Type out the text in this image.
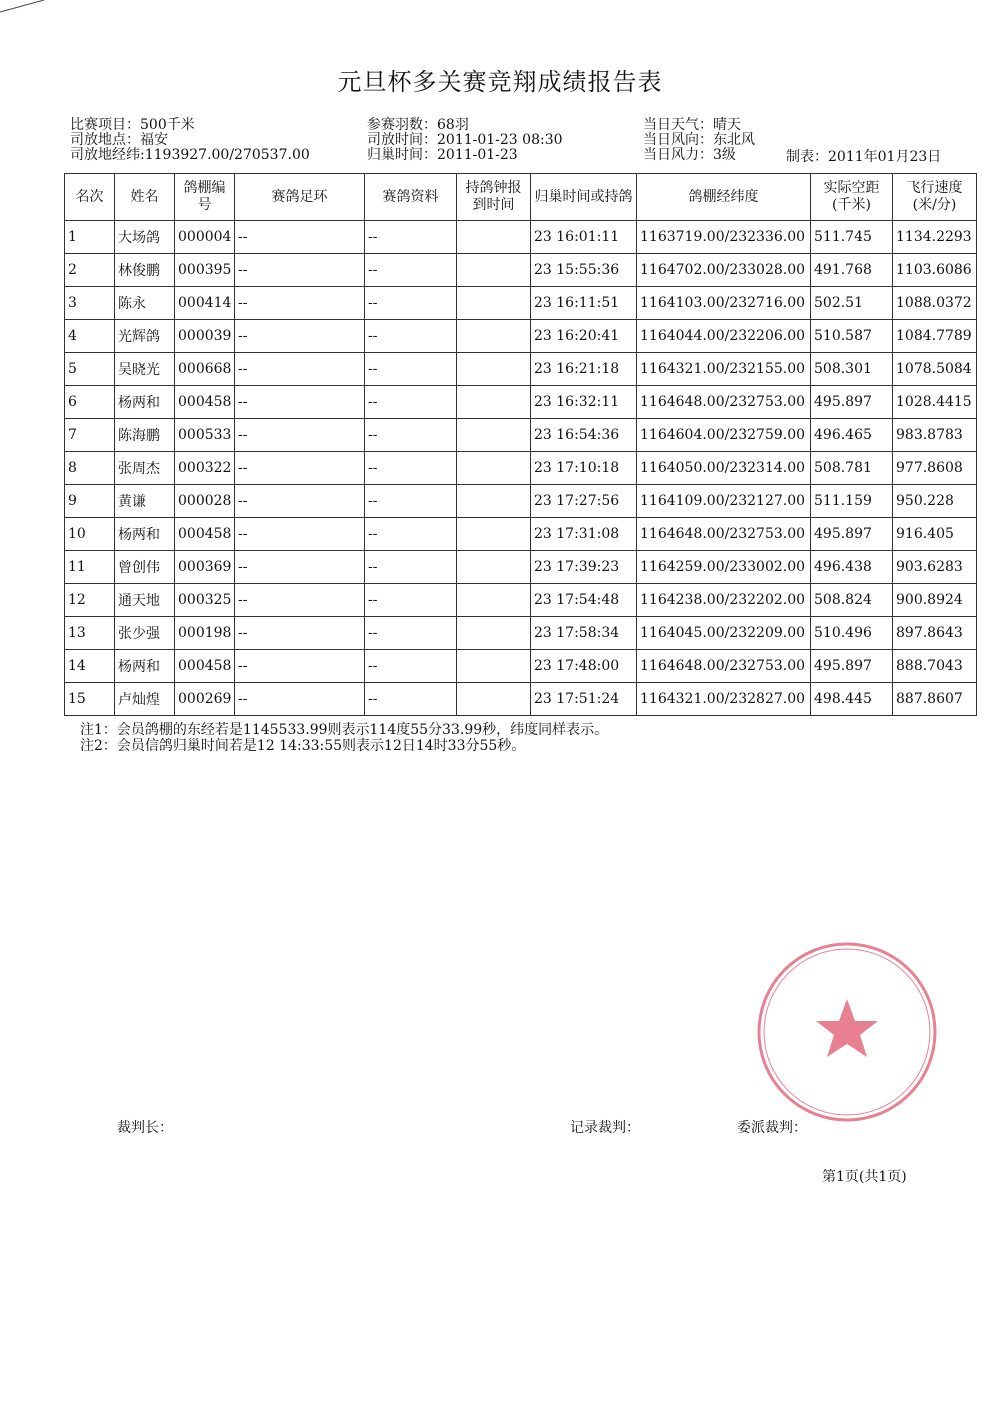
元旦杯多关赛竞翔成绩报告表
比赛项目：500千米
司放地点：福安
司放地经纬:1193927.00/270537.00
参赛羽数：68羽
司放时间：2011-01-23 08:30
归巢时间：2011-01-23
当日天气：晴天
当日风向：东北风
当日风力：3级	制表：2011年01月23日
名次	姓名	鸽棚编号	赛鸽足环	赛鸽资料	持鸽钟报到时间	归巢时间或持鸽	鸽棚经纬度	实际空距(千米)	飞行速度(米/分)
1	大场鸽	000004	--	--		23 16:01:11	1163719.00/232336.00	511.745	1134.2293
2	林俊鹏	000395	--	--		23 15:55:36	1164702.00/233028.00	491.768	1103.6086
3	陈永	000414	--	--		23 16:11:51	1164103.00/232716.00	502.51	1088.0372
4	光辉鸽	000039	--	--		23 16:20:41	1164044.00/232206.00	510.587	1084.7789
5	吴晓光	000668	--	--		23 16:21:18	1164321.00/232155.00	508.301	1078.5084
6	杨两和	000458	--	--		23 16:32:11	1164648.00/232753.00	495.897	1028.4415
7	陈海鹏	000533	--	--		23 16:54:36	1164604.00/232759.00	496.465	983.8783
8	张周杰	000322	--	--		23 17:10:18	1164050.00/232314.00	508.781	977.8608
9	黄谦	000028	--	--		23 17:27:56	1164109.00/232127.00	511.159	950.228
10	杨两和	000458	--	--		23 17:31:08	1164648.00/232753.00	495.897	916.405
11	曾创伟	000369	--	--		23 17:39:23	1164259.00/233002.00	496.438	903.6283
12	通天地	000325	--	--		23 17:54:48	1164238.00/232202.00	508.824	900.8924
13	张少强	000198	--	--		23 17:58:34	1164045.00/232209.00	510.496	897.8643
14	杨两和	000458	--	--		23 17:48:00	1164648.00/232753.00	495.897	888.7043
15	卢灿煌	000269	--	--		23 17:51:24	1164321.00/232827.00	498.445	887.8607
注1：会员鸽棚的东经若是1145533.99则表示114度55分33.99秒，纬度同样表示。
注2：会员信鸽归巢时间若是12 14:33:55则表示12日14时33分55秒。
裁判长：	记录裁判：	委派裁判：
第1页(共1页)
